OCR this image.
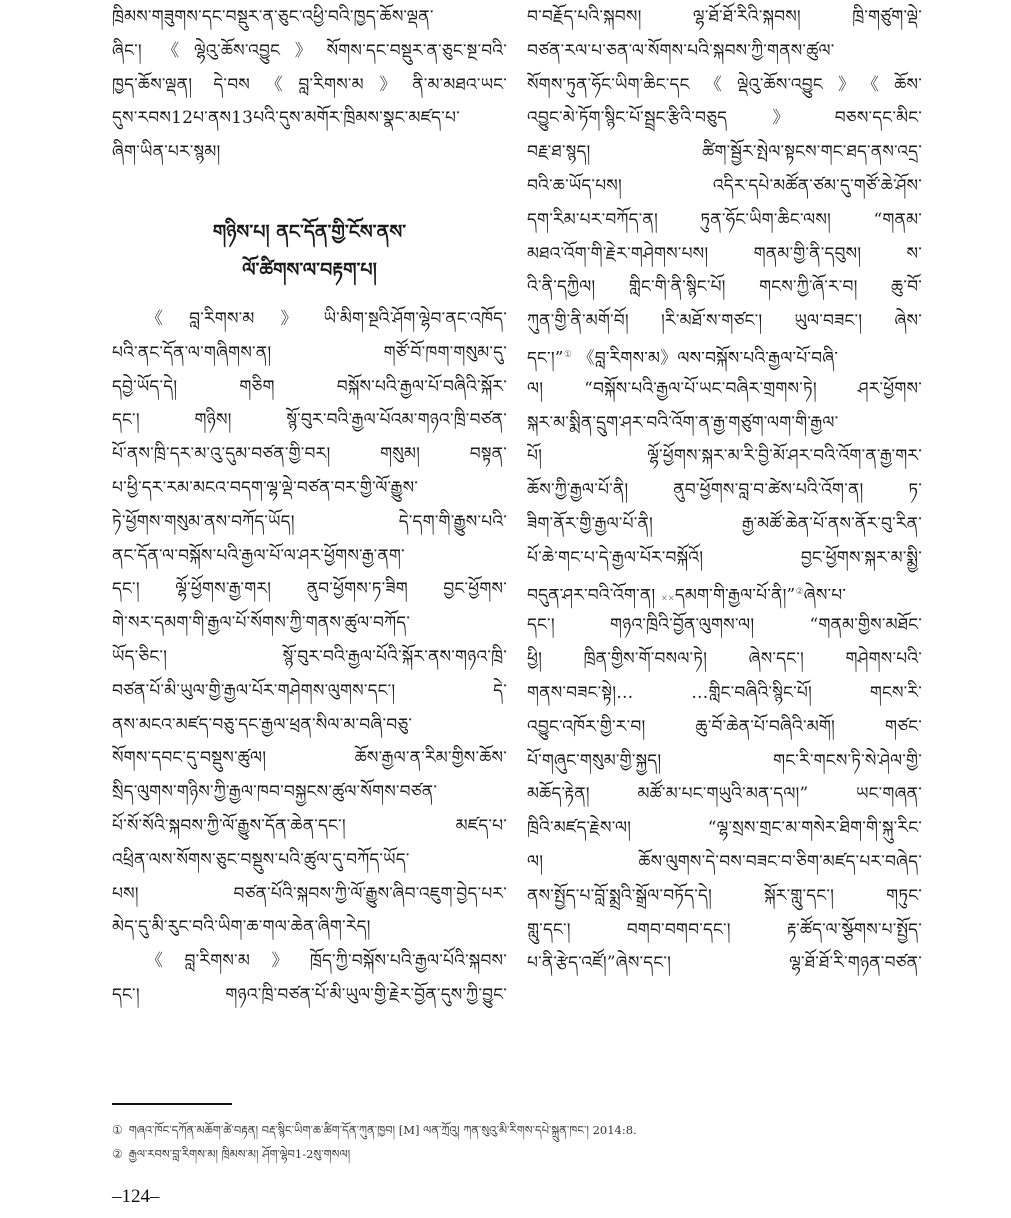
ཁྲིམས་གཟུགས་དང་བསྡུར་ན་ཅུང་འཕྱི་བའི་ཁྱད་ཆོས་ལྡན་
ཞིང་། 《ལྷེའུ་ཆོས་འབྱུང》སོགས་དང་བསྡུར་ན་ཅུང་སྔ་བའི་
ཁྱད་ཆོས་ལྡན། དེ་བས《བླ་རིགས་མ》ནི་མ་མཐའ་ཡང་
དུས་རབས12པ་ནས13པའི་དུས་མགོར་ཁྲིམས་སྣང་མཛད་པ་
ཞིག་ཡིན་པར་སྙམ།
གཉིས་པ། ནང་དོན་གྱི་ངོས་ནས་
ལོ་ཚིགས་ལ་བརྟག་པ།
《བླ་རིགས་མ》ཡི་མིག་སྔའི་ཤོག་ལྷེབ་ནང་འཁོད་
པའི་ནང་དོན་ལ་གཞིགས་ན། གཙོ་བོ་ཁག་གསུམ་དུ་
དབྱེ་ཡོད་དེ། གཅིག བསྐོས་པའི་རྒྱལ་པོ་བཞིའི་སྐོར་
དང་། གཉིས། སྙོ་བུར་བའི་རྒྱལ་པོའམ་གཉའ་ཁྲི་བཙན་
པོ་ནས་ཁྲི་དར་མ་འུ་དུམ་བཙན་གྱི་བར། གསུམ། བསྟན་
པ་ཕྱི་དར་རམ་མངའ་བདག་ལྷ་ལྡེ་བཙན་བར་གྱི་ལོ་རྒྱུས་
ཏེ་ཕྱོགས་གསུམ་ནས་བཀོད་ཡོད། དེ་དག་གི་རྒྱུས་པའི་
ནང་དོན་ལ་བསྐོས་པའི་རྒྱལ་པོ་ལ་ཤར་ཕྱོགས་རྒྱ་ནག་
དང་། ལྷོ་ཕྱོགས་རྒྱ་གར། ནུབ་ཕྱོགས་ཏ་ཟིག བྱང་ཕྱོགས་
གེ་སར་དམག་གི་རྒྱལ་པོ་སོགས་ཀྱི་གནས་ཚུལ་བཀོད་
ཡོད་ཅིང་། སྙོ་བུར་བའི་རྒྱལ་པོའི་སྐོར་ནས་གཉའ་ཁྲི་
བཙན་པོ་མི་ཡུལ་གྱི་རྒྱལ་པོར་གཤེགས་ལུགས་དང་། དེ་
ནས་མངའ་མཛད་བཅུ་དང་རྒྱལ་ཕྲན་སིལ་མ་བཞི་བཅུ་
སོགས་དབང་དུ་བསྡུས་ཚུལ། ཆོས་རྒྱལ་ན་རིམ་གྱིས་ཆོས་
སྲིད་ལུགས་གཉིས་ཀྱི་རྒྱལ་ཁབ་བསྐྱངས་ཚུལ་སོགས་བཙན་
པོ་སོ་སོའི་སྐབས་ཀྱི་ལོ་རྒྱུས་དོན་ཆེན་དང་། མཛད་པ་
འཕྲིན་ལས་སོགས་ཅུང་བསྡུས་པའི་ཚུལ་དུ་བཀོད་ཡོད་
པས། བཙན་པོའི་སྐབས་ཀྱི་ལོ་རྒྱུས་ཞིབ་འཇུག་བྱེད་པར་
མེད་དུ་མི་རུང་བའི་ཡིག་ཆ་གལ་ཆེན་ཞིག་རེད།
《བླ་རིགས་མ》ཁྲོད་ཀྱི་བསྐོས་པའི་རྒྱལ་པོའི་སྐབས་
དང་། གཉའ་ཁྲི་བཙན་པོ་མི་ཡུལ་གྱི་རྗེར་བྱོན་དུས་ཀྱི་བྱུང་
བ་བརྗོད་པའི་སྐབས། ལྷ་ཐོ་ཐོ་རིའི་སྐབས། ཁྲི་གཙུག་ལྡེ་
བཙན་རལ་པ་ཅན་ལ་སོགས་པའི་སྐབས་ཀྱི་གནས་ཚུལ་
སོགས་ཏུན་ཧོང་ཡིག་ཆིང་དང《ལྡེའུ་ཆོས་འབྱུང》《ཆོས་
འབྱུང་མེ་ཏོག་སྙིང་པོ་སྦྲང་རྩིའི་བཅུད》བཅས་དང་མིང་
བརྗ་ཐ་སྙད། ཚིག་སྦྱོར་སྤེལ་སྟངས་གང་ཐད་ནས་འདྲ་
བའི་ཆ་ཡོད་པས། འདིར་དཔེ་མཚོན་ཙམ་དུ་གཙོ་ཆེ་ཤོས་
དག་རིམ་པར་བཀོད་ན། ཏུན་ཧོང་ཡིག་ཆིང་ལས། “གནམ་
མཐའ་འོག་གི་རྗེར་གཤེགས་པས། གནམ་གྱི་ནི་དབུས། ས་
འི་ནི་དཀྱིལ། གླིང་གི་ནི་སྙིང་པོ། གངས་ཀྱི་ཞོ་ར་བ། ཆུ་བོ་
ཀུན་གྱི་ནི་མགོ་བོ། །རི་མཐོ་ས་གཙང་། ཡུལ་བཟང་། ཞེས་
དང་།”① 《བླ་རིགས་མ》ལས་བསྐོས་པའི་རྒྱལ་པོ་བཞི་
ལ། “བསྐོས་པའི་རྒྱལ་པོ་ཡང་བཞིར་གྲགས་ཏེ། ཤར་ཕྱོགས་
སྐར་མ་སྨིན་དྲུག་ཤར་བའི་འོག་ན་རྒྱ་གཙུག་ལག་གི་རྒྱལ་
པོ། ལྷོ་ཕྱོགས་སྐར་མ་རི་བྱི་མོ་ཤར་བའི་འོག་ན་རྒྱ་གར་
ཆོས་ཀྱི་རྒྱལ་པོ་ནི། ནུབ་ཕྱོགས་བླ་བ་ཚེས་པའི་འོག་ན། ཏ་
ཟིག་ནོར་གྱི་རྒྱལ་པོ་ནི། རྒྱ་མཚོ་ཆེན་པོ་ནས་ནོར་བུ་རིན་
པོ་ཆེ་གང་པ་དེ་རྒྱལ་པོར་བསྐོའོ། བྱང་ཕྱོགས་སྐར་མ་སྨྱི་
བདུན་ཤར་བའི་འོག་ན། ××དམག་གི་རྒྱལ་པོ་ནི།”②ཞེས་པ་
དང་། གཉའ་ཁྲིའི་བྱོན་ལུགས་ལ། “གནམ་གྱིས་མཐོང་
ཕྱི། ཁྲིན་གྱིས་གོ་བསལ་ཏེ། ཞེས་དང་། གཤེགས་པའི་
གནས་བཟང་སྟེ།… …གླིང་བཞིའི་སྙིང་པོ། གངས་རི་
འབྱུང་འཁོར་གྱི་ར་བ། ཆུ་བོ་ཆེན་པོ་བཞིའི་མགོ། གཙང་
པོ་གཞུང་གསུམ་གྱི་སྐྱད། གང་རི་གངས་ཏི་སེ་ཤེལ་གྱི་
མཆོད་རྟེན། མཚོ་མ་པང་གཡུའི་མན་དལ།” ཡང་གཞན་
ཁྲིའི་མཛད་རྗེས་ལ། “ལྷ་སྲས་གྲང་མ་གསེར་ཐིག་གི་སྐུ་རིང་
ལ། ཆོས་ལུགས་དེ་བས་བཟང་བ་ཅིག་མཛད་པར་བཞེད་
ནས་སྤྱོད་པ་བློ་སྨྲའི་སྒྲོལ་བཏོད་དེ། སྐོར་གླུ་དང་། གཏུང་
གླུ་དང་། བགབ་བགབ་དང་། རྟ་ཚོད་ལ་སྩོགས་པ་སྤྱོད་
པ་ནི་རྩེད་འཛོ།”ཞེས་དང་། ལྷ་ཐོ་ཐོ་རི་གཉན་བཙན་
① གཞའ་ཁོང་དཀོན་མཆོག་ཚེ་བརྟན། བརྡ་སྙིང་ཡིག་ཆ་ཚིག་དོན་ཀུན་ཁྱབ། [M] ལན་ཀྲོའུ། ཀན་སུའུ་མི་རིགས་དཔེ་སྐྲུན་ཁང་། 2014:8.
② རྒྱལ་རབས་བླ་རིགས་མ། ཁྲིམས་མ། ཤོག་ལྷེབ1-2སུ་གསལ།
–124–
